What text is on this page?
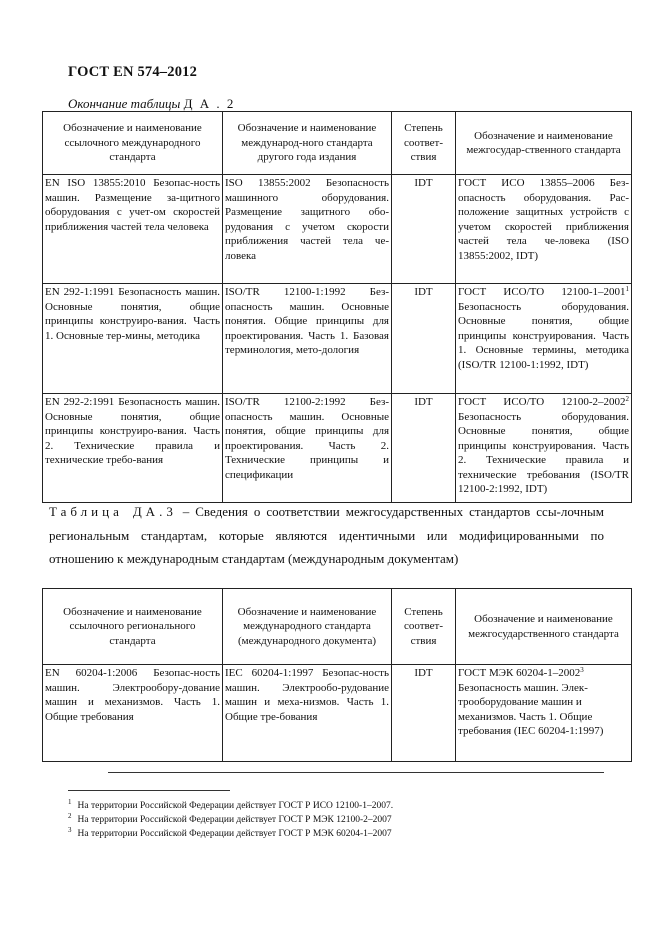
ГОСТ EN 574–2012
Окончание таблицы Д А . 2
Обозначение и наименование ссылочного международного стандарта	Обозначение и наименование международ-ного стандарта другого года издания	Степень соответ-ствия	Обозначение и наименование межгосудар-ственного стандарта
EN ISO 13855:2010 Безопас-ность машин. Размещение за-щитного оборудования с учет-ом скоростей приближения частей тела человека	ISO 13855:2002 Безопасность машинного оборудования. Размещение защитного обо-рудования с учетом скорости приближения частей тела че-ловека	IDT	ГОСТ ИСО 13855–2006 Без-опасность оборудования. Рас-положение защитных устройств с учетом скоростей приближения частей тела че-ловека (ISO 13855:2002, IDT)
EN 292-1:1991 Безопасность машин. Основные понятия, общие принципы конструиро-вания. Часть 1. Основные тер-мины, методика	ISO/TR 12100-1:1992 Без-опасность машин. Основные понятия. Общие принципы для проектирования. Часть 1. Базовая терминология, мето-дология	IDT	ГОСТ ИСО/ТО 12100-1–2001$^1$ Безопасность оборудования. Основные понятия, общие принципы конструирования. Часть 1. Основные термины, методика (ISO/TR 12100-1:1992, IDT)
EN 292-2:1991 Безопасность машин. Основные понятия, общие принципы конструиро-вания. Часть 2. Технические правила и технические требо-вания	ISO/TR 12100-2:1992 Без-опасность машин. Основные понятия, общие принципы для проектирования. Часть 2. Технические принципы и спецификации	IDT	ГОСТ ИСО/ТО 12100-2–2002$^2$ Безопасность оборудования. Основные понятия, общие принципы конструирования. Часть 2. Технические правила и технические требования (ISO/TR 12100-2:1992, IDT)
Таблица ДА.3 – Сведения о соответствии межгосударственных стандартов ссы-лочным региональным стандартам, которые являются идентичными или модифицированными по отношению к международным стандартам (международным документам)
Обозначение и наименование ссылочного регионального стандарта	Обозначение и наименование международного стандарта (международного документа)	Степень соответ-ствия	Обозначение и наименование межгосударственного стандарта
EN 60204-1:2006 Безопас-ность машин. Электрообору-дование машин и механизмов. Часть 1. Общие требования	IEC 60204-1:1997 Безопас-ность машин. Электрообо-рудование машин и меха-низмов. Часть 1. Общие тре-бования	IDT	ГОСТ МЭК 60204-1–2002$^3$ Безопасность машин. Элек-трооборудование машин и механизмов. Часть 1. Общие требования (IEC 60204-1:1997)
$^1$ На территории Российской Федерации действует ГОСТ Р ИСО 12100-1–2007.
$^2$ На территории Российской Федерации действует ГОСТ Р МЭК 12100-2–2007
$^3$ На территории Российской Федерации действует ГОСТ Р МЭК 60204-1–2007
